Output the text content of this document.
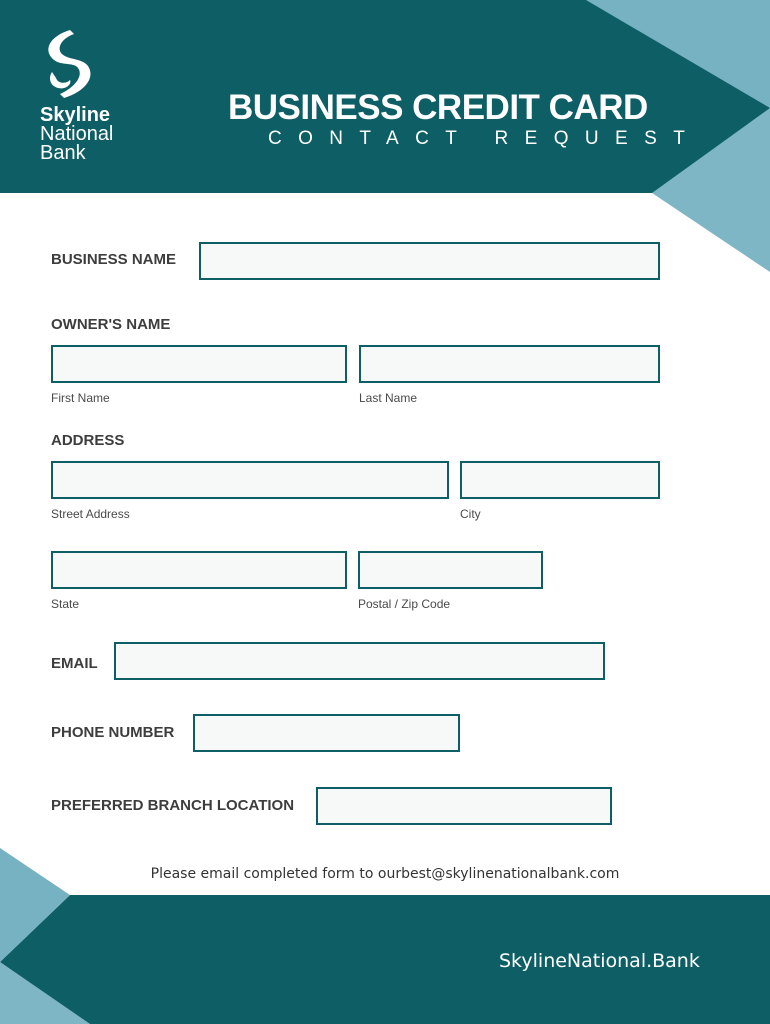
Skyline
National
Bank
BUSINESS CREDIT CARD
CONTACT REQUEST
BUSINESS NAME
OWNER'S NAME
First Name	Last Name
ADDRESS
Street Address	City
State	Postal / Zip Code
EMAIL
PHONE NUMBER
PREFERRED BRANCH LOCATION
Please email completed form to ourbest@skylinenationalbank.com
SkylineNational.Bank
